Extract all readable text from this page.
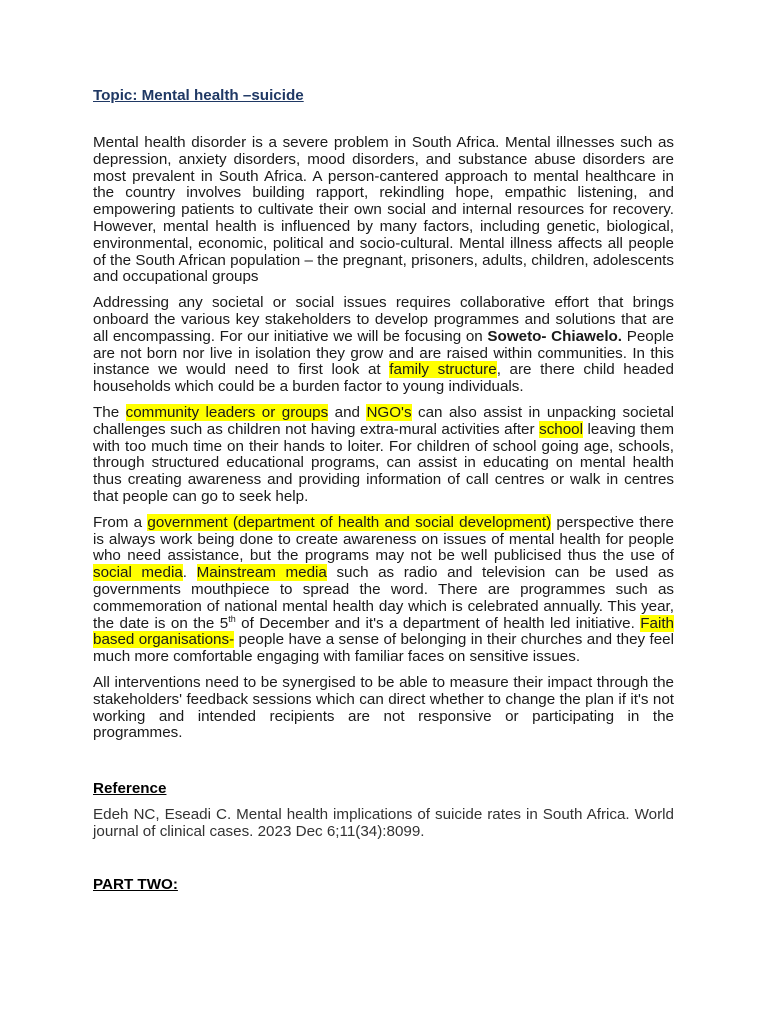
Topic: Mental health –suicide

Mental health disorder is a severe problem in South Africa. Mental illnesses such as depression, anxiety disorders, mood disorders, and substance abuse disorders are most prevalent in South Africa. A person-cantered approach to mental healthcare in the country involves building rapport, rekindling hope, empathic listening, and empowering patients to cultivate their own social and internal resources for recovery. However, mental health is influenced by many factors, including genetic, biological, environmental, economic, political and socio-cultural. Mental illness affects all people of the South African population – the pregnant, prisoners, adults, children, adolescents and occupational groups

Addressing any societal or social issues requires collaborative effort that brings onboard the various key stakeholders to develop programmes and solutions that are all encompassing. For our initiative we will be focusing on Soweto- Chiawelo. People are not born nor live in isolation they grow and are raised within communities. In this instance we would need to first look at family structure, are there child headed households which could be a burden factor to young individuals.

The community leaders or groups and NGO's can also assist in unpacking societal challenges such as children not having extra-mural activities after school leaving them with too much time on their hands to loiter. For children of school going age, schools, through structured educational programs, can assist in educating on mental health thus creating awareness and providing information of call centres or walk in centres that people can go to seek help.

From a government (department of health and social development) perspective there is always work being done to create awareness on issues of mental health for people who need assistance, but the programs may not be well publicised thus the use of social media. Mainstream media such as radio and television can be used as governments mouthpiece to spread the word. There are programmes such as commemoration of national mental health day which is celebrated annually. This year, the date is on the 5th of December and it's a department of health led initiative. Faith based organisations- people have a sense of belonging in their churches and they feel much more comfortable engaging with familiar faces on sensitive issues.

All interventions need to be synergised to be able to measure their impact through the stakeholders' feedback sessions which can direct whether to change the plan if it's not working and intended recipients are not responsive or participating in the programmes.

Reference

Edeh NC, Eseadi C. Mental health implications of suicide rates in South Africa. World journal of clinical cases. 2023 Dec 6;11(34):8099.

PART TWO:
